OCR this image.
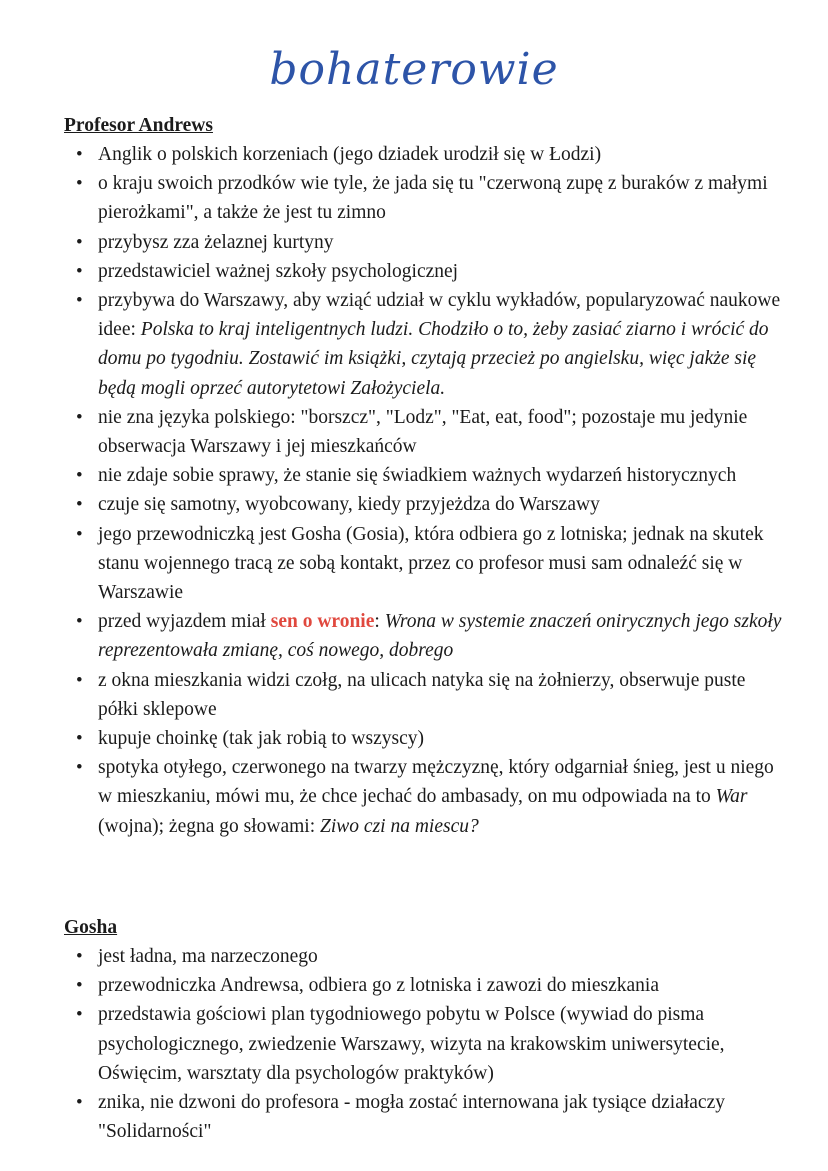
bohaterowie

Profesor Andrews

• Anglik o polskich korzeniach (jego dziadek urodził się w Łodzi)
• o kraju swoich przodków wie tyle, że jada się tu "czerwoną zupę z buraków z małymi pierożkami", a także że jest tu zimno
• przybysz zza żelaznej kurtyny
• przedstawiciel ważnej szkoły psychologicznej
• przybywa do Warszawy, aby wziąć udział w cyklu wykładów, popularyzować naukowe idee: Polska to kraj inteligentnych ludzi. Chodziło o to, żeby zasiać ziarno i wrócić do domu po tygodniu. Zostawić im książki, czytają przecież po angielsku, więc jakże się będą mogli oprzeć autorytetowi Założyciela.
• nie zna języka polskiego: "borszcz", "Lodz", "Eat, eat, food"; pozostaje mu jedynie obserwacja Warszawy i jej mieszkańców
• nie zdaje sobie sprawy, że stanie się świadkiem ważnych wydarzeń historycznych
• czuje się samotny, wyobcowany, kiedy przyjeżdza do Warszawy
• jego przewodniczką jest Gosha (Gosia), która odbiera go z lotniska; jednak na skutek stanu wojennego tracą ze sobą kontakt, przez co profesor musi sam odnaleźć się w Warszawie
• przed wyjazdem miał sen o wronie: Wrona w systemie znaczeń onirycznych jego szkoły reprezentowała zmianę, coś nowego, dobrego
• z okna mieszkania widzi czołg, na ulicach natyka się na żołnierzy, obserwuje puste półki sklepowe
• kupuje choinkę (tak jak robią to wszyscy)
• spotyka otyłego, czerwonego na twarzy mężczyznę, który odgarniał śnieg, jest u niego w mieszkaniu, mówi mu, że chce jechać do ambasady, on mu odpowiada na to War (wojna); żegna go słowami: Ziwo czi na miescu?

Gosha

• jest ładna, ma narzeczonego
• przewodniczka Andrewsa, odbiera go z lotniska i zawozi do mieszkania
• przedstawia gościowi plan tygodniowego pobytu w Polsce (wywiad do pisma psychologicznego, zwiedzenie Warszawy, wizyta na krakowskim uniwersytecie, Oświęcim, warsztaty dla psychologów praktyków)
• znika, nie dzwoni do profesora - mogła zostać internowana jak tysiące działaczy "Solidarności"
